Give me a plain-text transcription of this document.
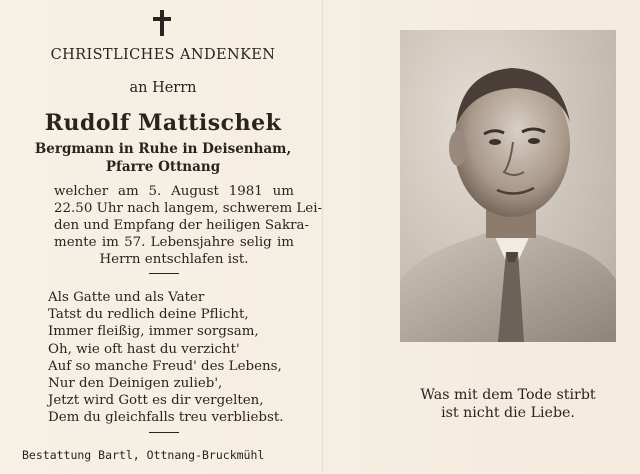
CHRISTLICHES ANDENKEN
an Herrn
Rudolf Mattischek
Bergmann in Ruhe in Deisenham,
Pfarre Ottnang
welcher am 5. August 1981 um
22.50 Uhr nach langem, schwerem Lei-
den und Empfang der heiligen Sakra-
mente im 57. Lebensjahre selig im
Herrn entschlafen ist.
Als Gatte und als Vater
Tatst du redlich deine Pflicht,
Immer fleißig, immer sorgsam,
Oh, wie oft hast du verzicht'
Auf so manche Freud' des Lebens,
Nur den Deinigen zulieb',
Jetzt wird Gott es dir vergelten,
Dem du gleichfalls treu verbliebst.
Bestattung Bartl, Ottnang-Bruckmühl
Was mit dem Tode stirbt
ist nicht die Liebe.
